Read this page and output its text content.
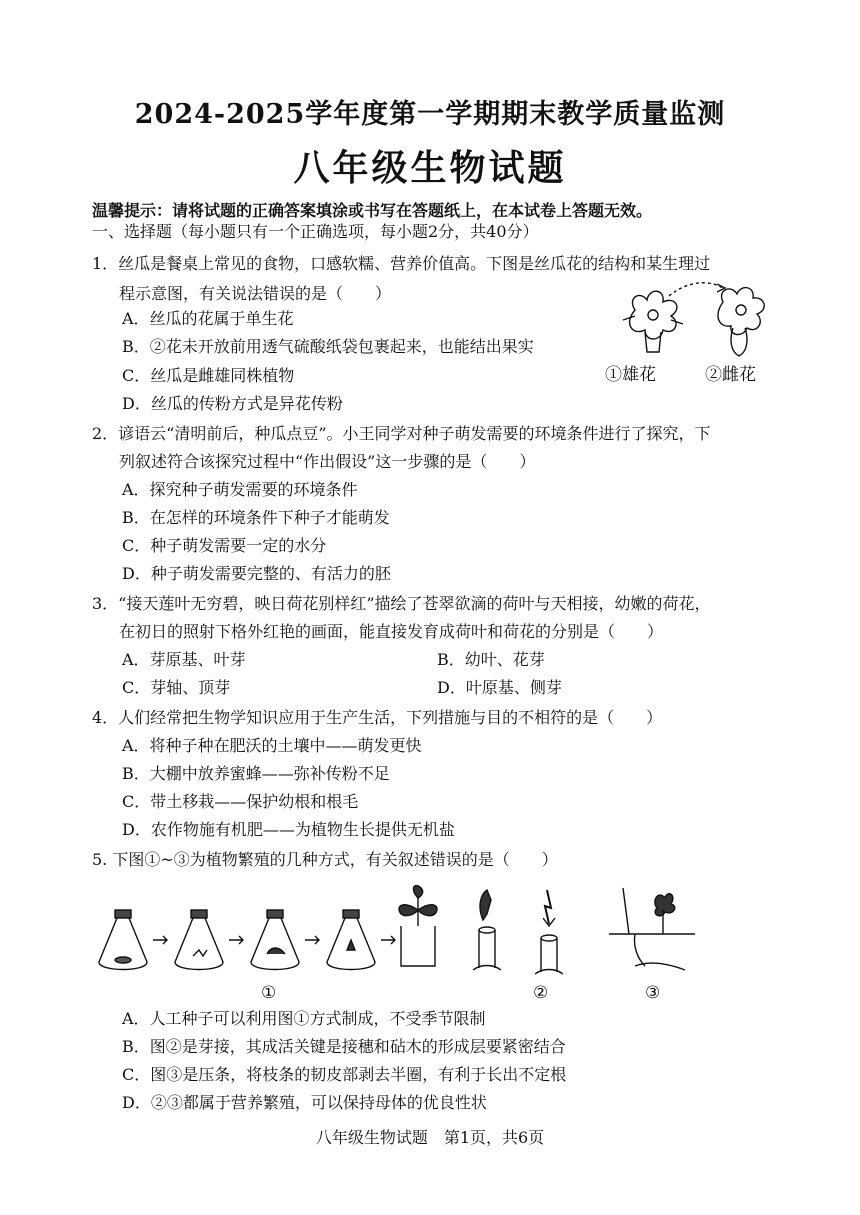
2024-2025学年度第一学期期末教学质量监测
八年级生物试题
温馨提示：请将试题的正确答案填涂或书写在答题纸上，在本试卷上答题无效。
一、选择题（每小题只有一个正确选项，每小题2分，共40分）
1．丝瓜是餐桌上常见的食物，口感软糯、营养价值高。下图是丝瓜花的结构和某生理过
程示意图，有关说法错误的是（　　）
A．丝瓜的花属于单生花
B．②花未开放前用透气硫酸纸袋包裹起来，也能结出果实
C．丝瓜是雌雄同株植物
D．丝瓜的传粉方式是异花传粉
①雄花	②雌花
2．谚语云“清明前后，种瓜点豆”。小王同学对种子萌发需要的环境条件进行了探究，下
列叙述符合该探究过程中“作出假设”这一步骤的是（　　）
A．探究种子萌发需要的环境条件
B．在怎样的环境条件下种子才能萌发
C．种子萌发需要一定的水分
D．种子萌发需要完整的、有活力的胚
3．“接天莲叶无穷碧，映日荷花别样红”描绘了苍翠欲滴的荷叶与天相接，幼嫩的荷花，
在初日的照射下格外红艳的画面，能直接发育成荷叶和荷花的分别是（　　）
A．芽原基、叶芽	B．幼叶、花芽
C．芽轴、顶芽	D．叶原基、侧芽
4．人们经常把生物学知识应用于生产生活，下列措施与目的不相符的是（　　）
A．将种子种在肥沃的土壤中——萌发更快
B．大棚中放养蜜蜂——弥补传粉不足
C．带土移栽——保护幼根和根毛
D．农作物施有机肥——为植物生长提供无机盐
5. 下图①~③为植物繁殖的几种方式，有关叙述错误的是（　　）
①	②	③
A．人工种子可以利用图①方式制成，不受季节限制
B．图②是芽接，其成活关键是接穗和砧木的形成层要紧密结合
C．图③是压条，将枝条的韧皮部剥去半圈，有利于长出不定根
D．②③都属于营养繁殖，可以保持母体的优良性状
八年级生物试题　第1页，共6页
